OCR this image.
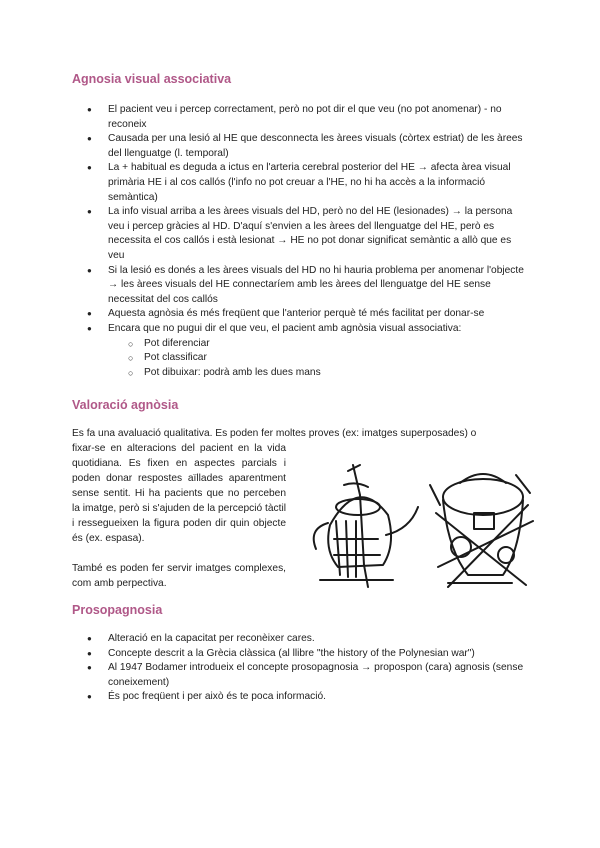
Agnosia visual associativa
● El pacient veu i percep correctament, però no pot dir el que veu (no pot anomenar) - no reconeix
● Causada per una lesió al HE que desconnecta les àrees visuals (còrtex estriat) de les àrees del llenguatge (l. temporal)
● La + habitual es deguda a ictus en l'arteria cerebral posterior del HE → afecta àrea visual primària HE i al cos callós (l'info no pot creuar a l'HE, no hi ha accès a la informació semàntica)
● La info visual arriba a les àrees visuals del HD, però no del HE (lesionades) → la persona veu i percep gràcies al HD. D'aquí s'envien a les àrees del llenguatge del HE, però es necessita el cos callós i està lesionat → HE no pot donar significat semàntic a allò que es veu
● Si la lesió es donés a les àrees visuals del HD no hi hauria problema per anomenar l'objecte → les àrees visuals del HE connectaríem amb les àrees del llenguatge del HE sense necessitat del cos callós
● Aquesta agnòsia és més freqüent que l'anterior perquè té més facilitat per donar-se
● Encara que no pugui dir el que veu, el pacient amb agnòsia visual associativa:
○ Pot diferenciar
○ Pot classificar
○ Pot dibuixar: podrà amb les dues mans
Valoració agnòsia

Es fa una avaluació qualitativa. Es poden fer moltes proves (ex: imatges superposades) o

fixar-se en alteracions del pacient en la vida quotidiana. Es fixen en aspectes parcials i poden donar respostes aïllades aparentment sense sentit. Hi ha pacients que no perceben la imatge, però si s'ajuden de la percepció tàctil i ressegueixen la figura poden dir quin objecte és (ex. espasa).

També es poden fer servir imatges complexes, com amb perpectiva.

Prosopagnosia
● Alteració en la capacitat per reconèixer cares.
● Concepte descrit a la Grècia clàssica (al llibre "the history of the Polynesian war")
● Al 1947 Bodamer introdueix el concepte prosopagnosia → propospon (cara) agnosis (sense coneixement)
● És poc freqüent i per això és te poca informació.
